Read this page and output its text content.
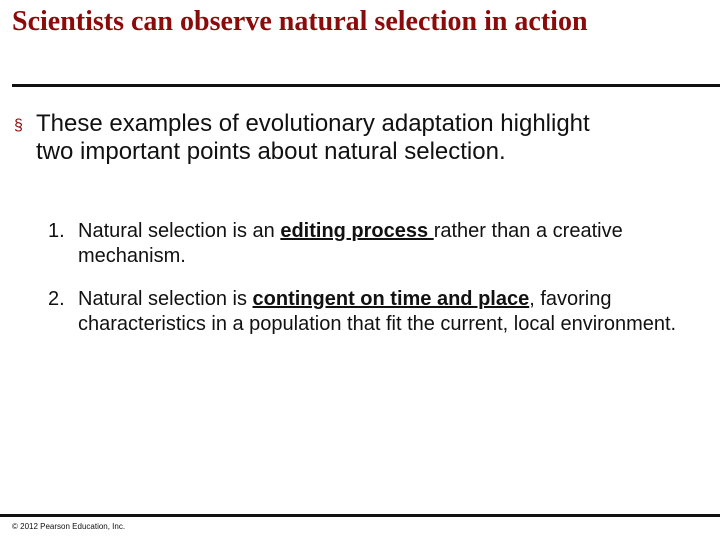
Scientists can observe natural selection in action
§ These examples of evolutionary adaptation highlight two important points about natural selection.
1. Natural selection is an editing process rather than a creative mechanism.
2. Natural selection is contingent on time and place, favoring characteristics in a population that fit the current, local environment.
© 2012 Pearson Education, Inc.
